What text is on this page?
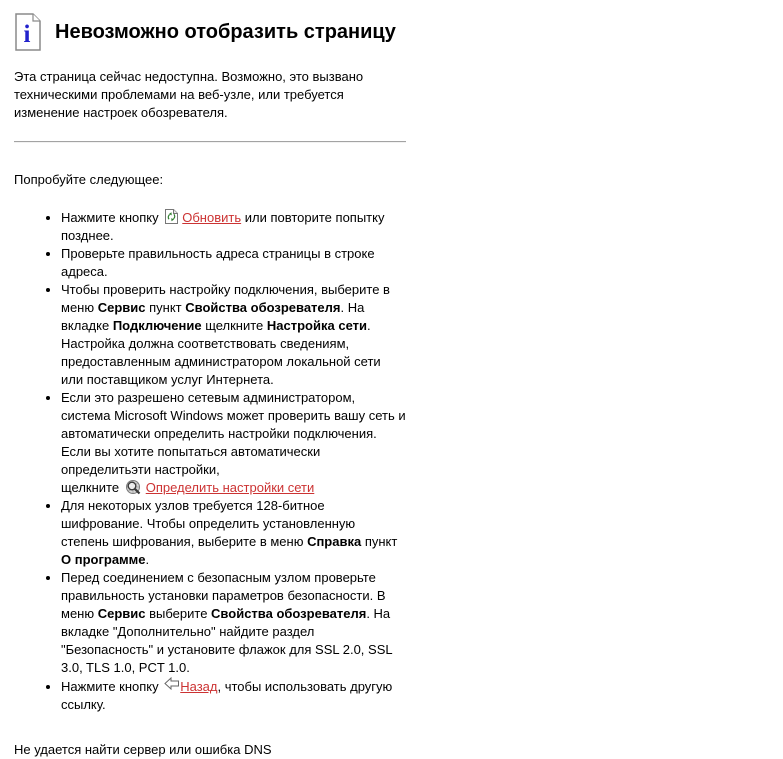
i Невозможно отобразить страницу

Эта страница сейчас недоступна. Возможно, это вызвано техническими проблемами на веб-узле, или требуется изменение настроек обозревателя.

Попробуйте следующее:

• Нажмите кнопку Обновить или повторите попытку позднее.
• Проверьте правильность адреса страницы в строке адреса.
• Чтобы проверить настройку подключения, выберите в меню Сервис пункт Свойства обозревателя. На вкладке Подключение щелкните Настройка сети. Настройка должна соответствовать сведениям, предоставленным администратором локальной сети или поставщиком услуг Интернета.
• Если это разрешено сетевым администратором, система Microsoft Windows может проверить вашу сеть и автоматически определить настройки подключения. Если вы хотите попытаться автоматически определитьэти настройки,
щелкните Определить настройки сети
• Для некоторых узлов требуется 128-битное шифрование. Чтобы определить установленную степень шифрования, выберите в меню Справка пункт О программе.
• Перед соединением с безопасным узлом проверьте правильность установки параметров безопасности. В меню Сервис выберите Свойства обозревателя. На вкладке "Дополнительно" найдите раздел "Безопасность" и установите флажок для SSL 2.0, SSL 3.0, TLS 1.0, PCT 1.0.
• Нажмите кнопку Назад, чтобы использовать другую ссылку.

Не удается найти сервер или ошибка DNS
